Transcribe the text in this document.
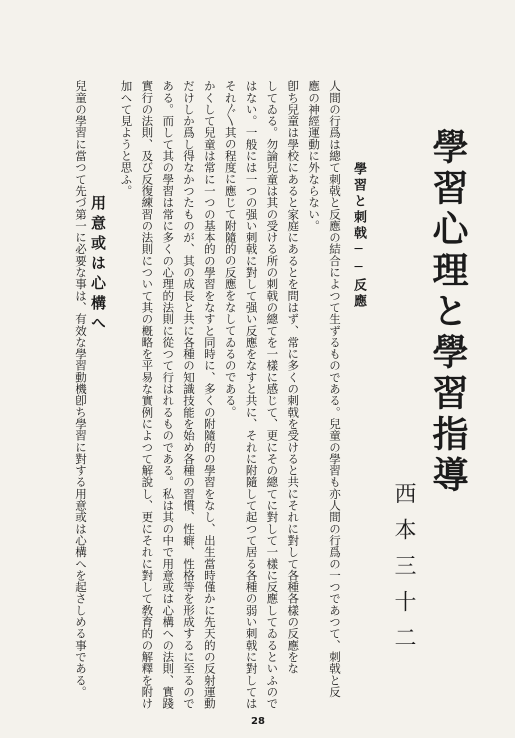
學習心理と學習指導
西本三十二
學習と刺戟──反應
人間の行爲は總て刺戟と反應の結合によつて生ずるものである。兒童の學習も亦人間の行爲の一つであつて、刺戟と反
應の神經運動に外ならない。
卽ち兒童は學校にあると家庭にあるとを問はず、常に多くの刺戟を受けると共にそれに對して各種各樣の反應をな
してゐる。勿論兒童は其の受ける所の刺戟の總てを一樣に感じて、更にその總てに對して一樣に反應してゐるといふので
はない。一般には一つの强い刺戟に對して强い反應をなすと共に、それに附隨して起つて居る各種の弱い刺戟に對しては
それ〴〵其の程度に應じて附隨的の反應をなしてゐるのである。
かくして兒童は常に一つの基本的の學習をなすと同時に、多くの附隨的の學習をなし、出生當時僅かに先天的の反射運動
だけしか爲し得なかつたものが、其の成長と共に各種の知識技能を始め各種の習慣、性癖、性格等を形成するに至るので
ある。而して其の學習は常に多くの心理的法則に從つて行はれるものである。私は其の中で用意或は心構への法則、實踐
實行の法則、及び反復練習の法則について其の槪略を平易な實例によつて解說し、更にそれに對して敎育的の解釋を附け
加へて見ようと思ふ。
用意或は心構へ
兒童の學習に當つて先づ第一に必要な事は、有效な學習動機卽ち學習に對する用意或は心構へを起さしめる事である。
28
